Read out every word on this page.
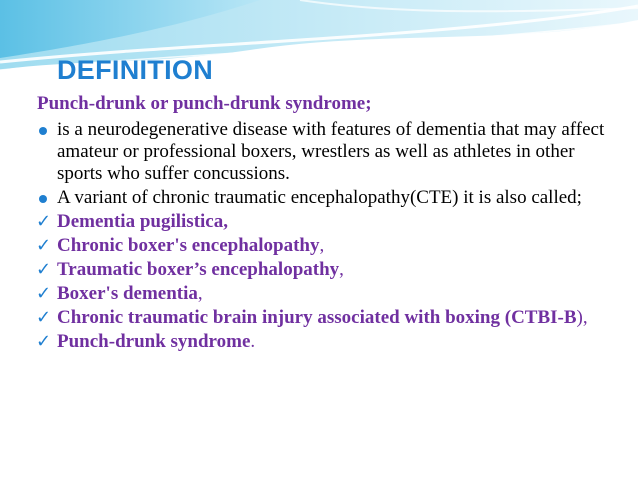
DEFINITION
Punch-drunk or punch-drunk syndrome;
is a neurodegenerative disease with features of dementia that may affect amateur or professional boxers, wrestlers as well as athletes in other sports who suffer concussions.
A variant of chronic traumatic encephalopathy(CTE) it is also called;
✓ Dementia pugilistica,
✓ Chronic boxer's encephalopathy,
✓ Traumatic boxer’s encephalopathy,
✓ Boxer's dementia,
✓ Chronic traumatic brain injury associated with boxing (CTBI-B),
✓ Punch-drunk syndrome.
